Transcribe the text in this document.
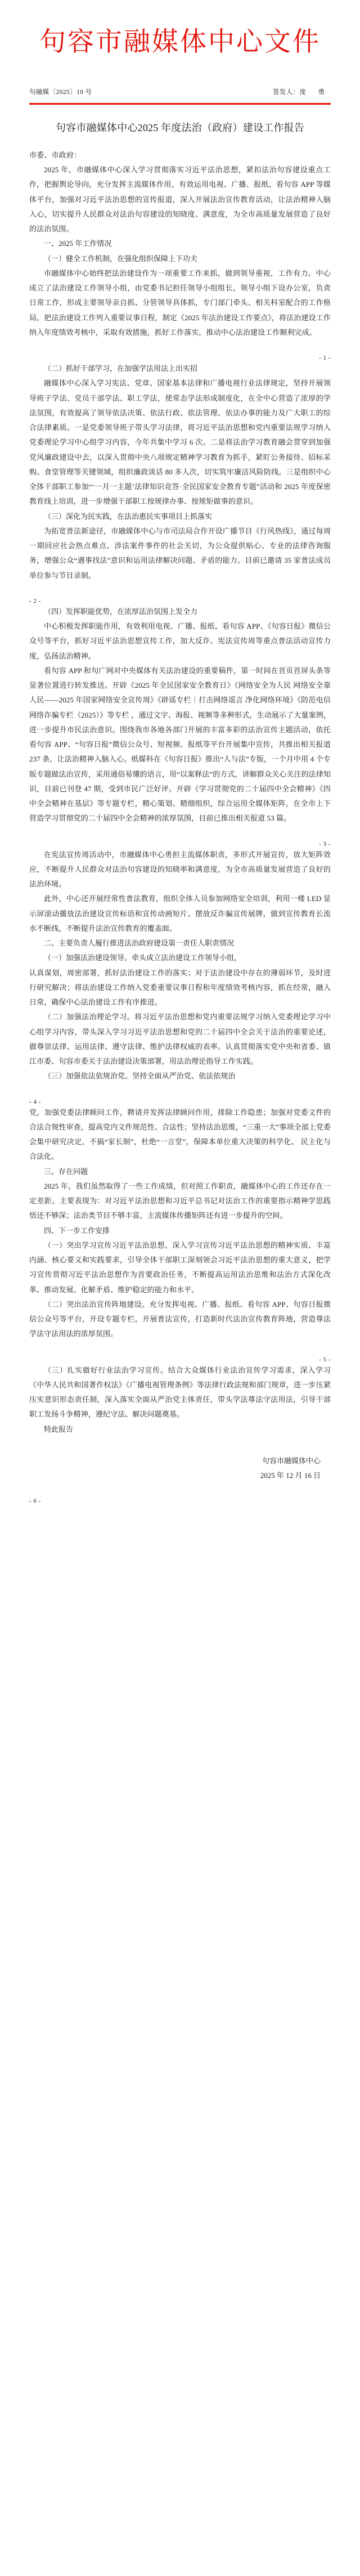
句容市融媒体中心文件
句融媒〔2025〕10 号	签发人：庞　勇
句容市融媒体中心2025 年度法治（政府）建设工作报告
市委、市政府：

2025 年，市融媒体中心深入学习贯彻落实习近平法治思想，紧扣法治句容建设重点工作，把握舆论导向，充分发挥主流媒体作用，有效运用电视、广播、报纸、看句容 APP 等媒体平台，加强对习近平法治思想的宣传报道，深入开展法治宣传教育活动，让法治精神入脑入心，切实提升人民群众对法治句容建设的知晓度、满意度，为全市高质量发展营造了良好的法治氛围。

一、2025 年工作情况

（一）健全工作机制，在强化组织保障上下功夫

市融媒体中心始终把法治建设作为一项重要工作来抓，做到领导重视，工作有力。中心成立了法治建设工作领导小组，由党委书记担任领导小组组长，领导小组下设办公室，负责日常工作，形成主要领导亲自抓、分管领导具体抓，专门部门牵头、相关科室配合的工作格局。把法治建设工作列入重要议事日程，制定《2025 年法治建设工作要点》，将法治建设工作纳入年度绩效考核中，采取有效措施，抓好工作落实，推动中心法治建设工作顺利完成。

- 1 -

（二）抓好干部学习，在加强学法用法上出实招

融媒体中心深入学习宪法、党章、国家基本法律和广播电视行业法律规定，坚持开展领导班子学法、党员干部学法、职工学法，使常态学法形成制度化，在全中心营造了浓厚的学法氛围，有效提高了领导依法决策、依法行政、依法管理、依法办事的能力及广大职工的综合法律素质。一是党委领导班子带头学习法律，将习近平法治思想和党内重要法规学习纳入党委理论学习中心组学习内容，今年共集中学习 6 次。二是将法治学习教育融会贯穿到加强党风廉政建设中去，以深入贯彻中央八项规定精神学习教育为抓手，紧盯公务接待、招标采购、食堂管理等关键领域，组织廉政谈话 80 多人次，切实筑牢廉洁风险防线。三是组织中心全体干部职工参加“‘一月一主题’法律知识竞答·全民国家安全教育专题”活动和 2025 年度保密教育线上培训，进一步增强干部职工按规律办事、按规矩做事的意识。

（三）深化为民实践，在法治惠民实事项目上抓落实

为拓宽普法新途径，市融媒体中心与市司法局合作开设广播节目《行风热线》，通过每周一期回应社会热点难点、涉法案件事件的社会关切，为公众提供贴心、专业的法律咨询服务，增强公众“遇事找法”意识和运用法律解决问题、矛盾的能力。目前已邀请 35 家普法成员单位参与节目录制。

- 2 -

（四）发挥职能优势，在浓厚法治氛围上发全力

中心积极发挥职能作用，有效利用电视、广播、报纸、看句容 APP、《句容日报》微信公众号等平台，抓好习近平法治思想宣传工作，加大反诈、宪法宣传周等重点普法活动宣传力度，弘扬法治精神。

看句容 APP 和句广网对中央媒体有关法治建设的重要稿件，第一时间在首页首屏头条等显著位置进行转发推送。开辟《2025 年全民国家安全教育日》《网络安全为人民 网络安全靠人民——2025 年国家网络安全宣传周》《辟谣专栏｜打击网络谣言 净化网络环境》《防范电信网络诈骗专栏（2025）》等专栏 ，通过文字、海报、视频等多种形式，生动展示了大量案例，进一步提升市民法治意识。围绕我市各地各部门开展的丰富多彩的法治宣传主题活动，依托看句容 APP、“句容日报”微信公众号、短视频、报纸等平台开展集中宣传，共推出相关报道 237 条，让法治精神入脑入心。纸媒科在《句容日报》推出“人与法”专版，一个月中用 4 个专版专题做法治宣传，采用通俗易懂的语言，用“以案释法”的方式，讲解群众关心关注的法律知识，目前已刊登 47 期，受到市民广泛好评。开辟《学习贯彻党的二十届四中全会精神》《四中全会精神在基层》等专题专栏，精心策划、精细组织，综合运用全媒体矩阵，在全市上下营造学习贯彻党的二十届四中全会精神的浓厚氛围，目前已推出相关报道 53 篇。

- 3 -

在宪法宣传周活动中，市融媒体中心勇担主流媒体职责，多形式开展宣传，放大矩阵效应，不断提升人民群众对法治句容建设的知晓率和满意度，为全市高质量发展营造了良好的法治环境。

此外，中心还开展经常性普法教育，组织全体人员参加网络安全培训，利用一楼 LED 显示屏滚动播放法治建设宣传标语和宣传动画短片、摆放反诈骗宣传展牌，做到宣传教育长流水不断线，不断提升法治宣传教育的覆盖面。

二、主要负责人履行推进法治政府建设第一责任人职责情况

（一）加强法治建设领导。牵头成立法治建设工作领导小组，

认真谋划，周密部署，抓好法治建设工作的落实；对于法治建设中存在的薄弱环节，及时进行研究解决；将法治建设工作纳入党委重要议事日程和年度绩效考核内容，抓在经常，融入日常，确保中心法治建设工作有序推进。

（二）加强法治理论学习。将习近平法治思想和党内重要法规学习纳入党委理论学习中心组学习内容，带头深入学习习近平法治思想和党的二十届四中全会关于法治的重要论述，做尊崇法律、运用法律、遵守法律、维护法律权威的表率。认真贯彻落实党中央和省委、镇江市委、句容市委关于法治建设决策部署，用法治理论指导工作实践。

（三）加强依法依规治党。坚持全面从严治党、依法依规治

- 4 -

党，加强党委法律顾问工作，聘请并发挥法律顾问作用，排除工作隐患；加强对党委文件的合法合规性审查，提高党内文件规范性、合法性；坚持法治思维，“三重一大”事项全部上党委会集中研究决定，不搞“家长制”，杜绝“一言堂”，保障本单位重大决策的科学化、 民主化与合法化。

三、存在问题

2025 年，我们虽然取得了一些工作成绩，但对照工作职责，融媒体中心的工作还存在一定差距。主要表现为：对习近平法治思想和习近平总书记对法治工作的重要指示精神学思践悟还不够深；法治类节目不够丰富，主流媒体传播矩阵还有进一步提升的空间。

四、下一步工作安排

（一）突出学习宣传习近平法治思想。深入学习宣传习近平法治思想的精神实质、丰富内涵、核心要义和实践要求，引导全体干部职工深刻领会习近平法治思想的重大意义，把学习宣传贯彻习近平法治思想作为首要政治任务，不断提高运用法治思维和法治方式深化改革、推动发展、化解矛盾、维护稳定的能力和水平。

（二）突出法治宣传阵地建设。充分发挥电视、广播、报纸、看句容 APP、句容日报微信公众号等平台，开设专题专栏，开展普法宣传，打造新时代法治宣传教育阵地，营造尊法学法守法用法的浓厚氛围。

- 5 -

（三）扎实做好行业法治学习宣传。结合大众媒体行业法治宣传学习需求，深入学习《中华人民共和国著作权法》《广播电视管理条例》等法律行政法规和部门规章，进一步压紧压实意识形态责任制，深入落实全面从严治党主体责任，带头学法尊法守法用法，引导干部职工发扬斗争精神，遵纪守法、解决问题奠基。

特此报告

句容市融媒体中心
2025 年 12 月 16 日
- 6 -
